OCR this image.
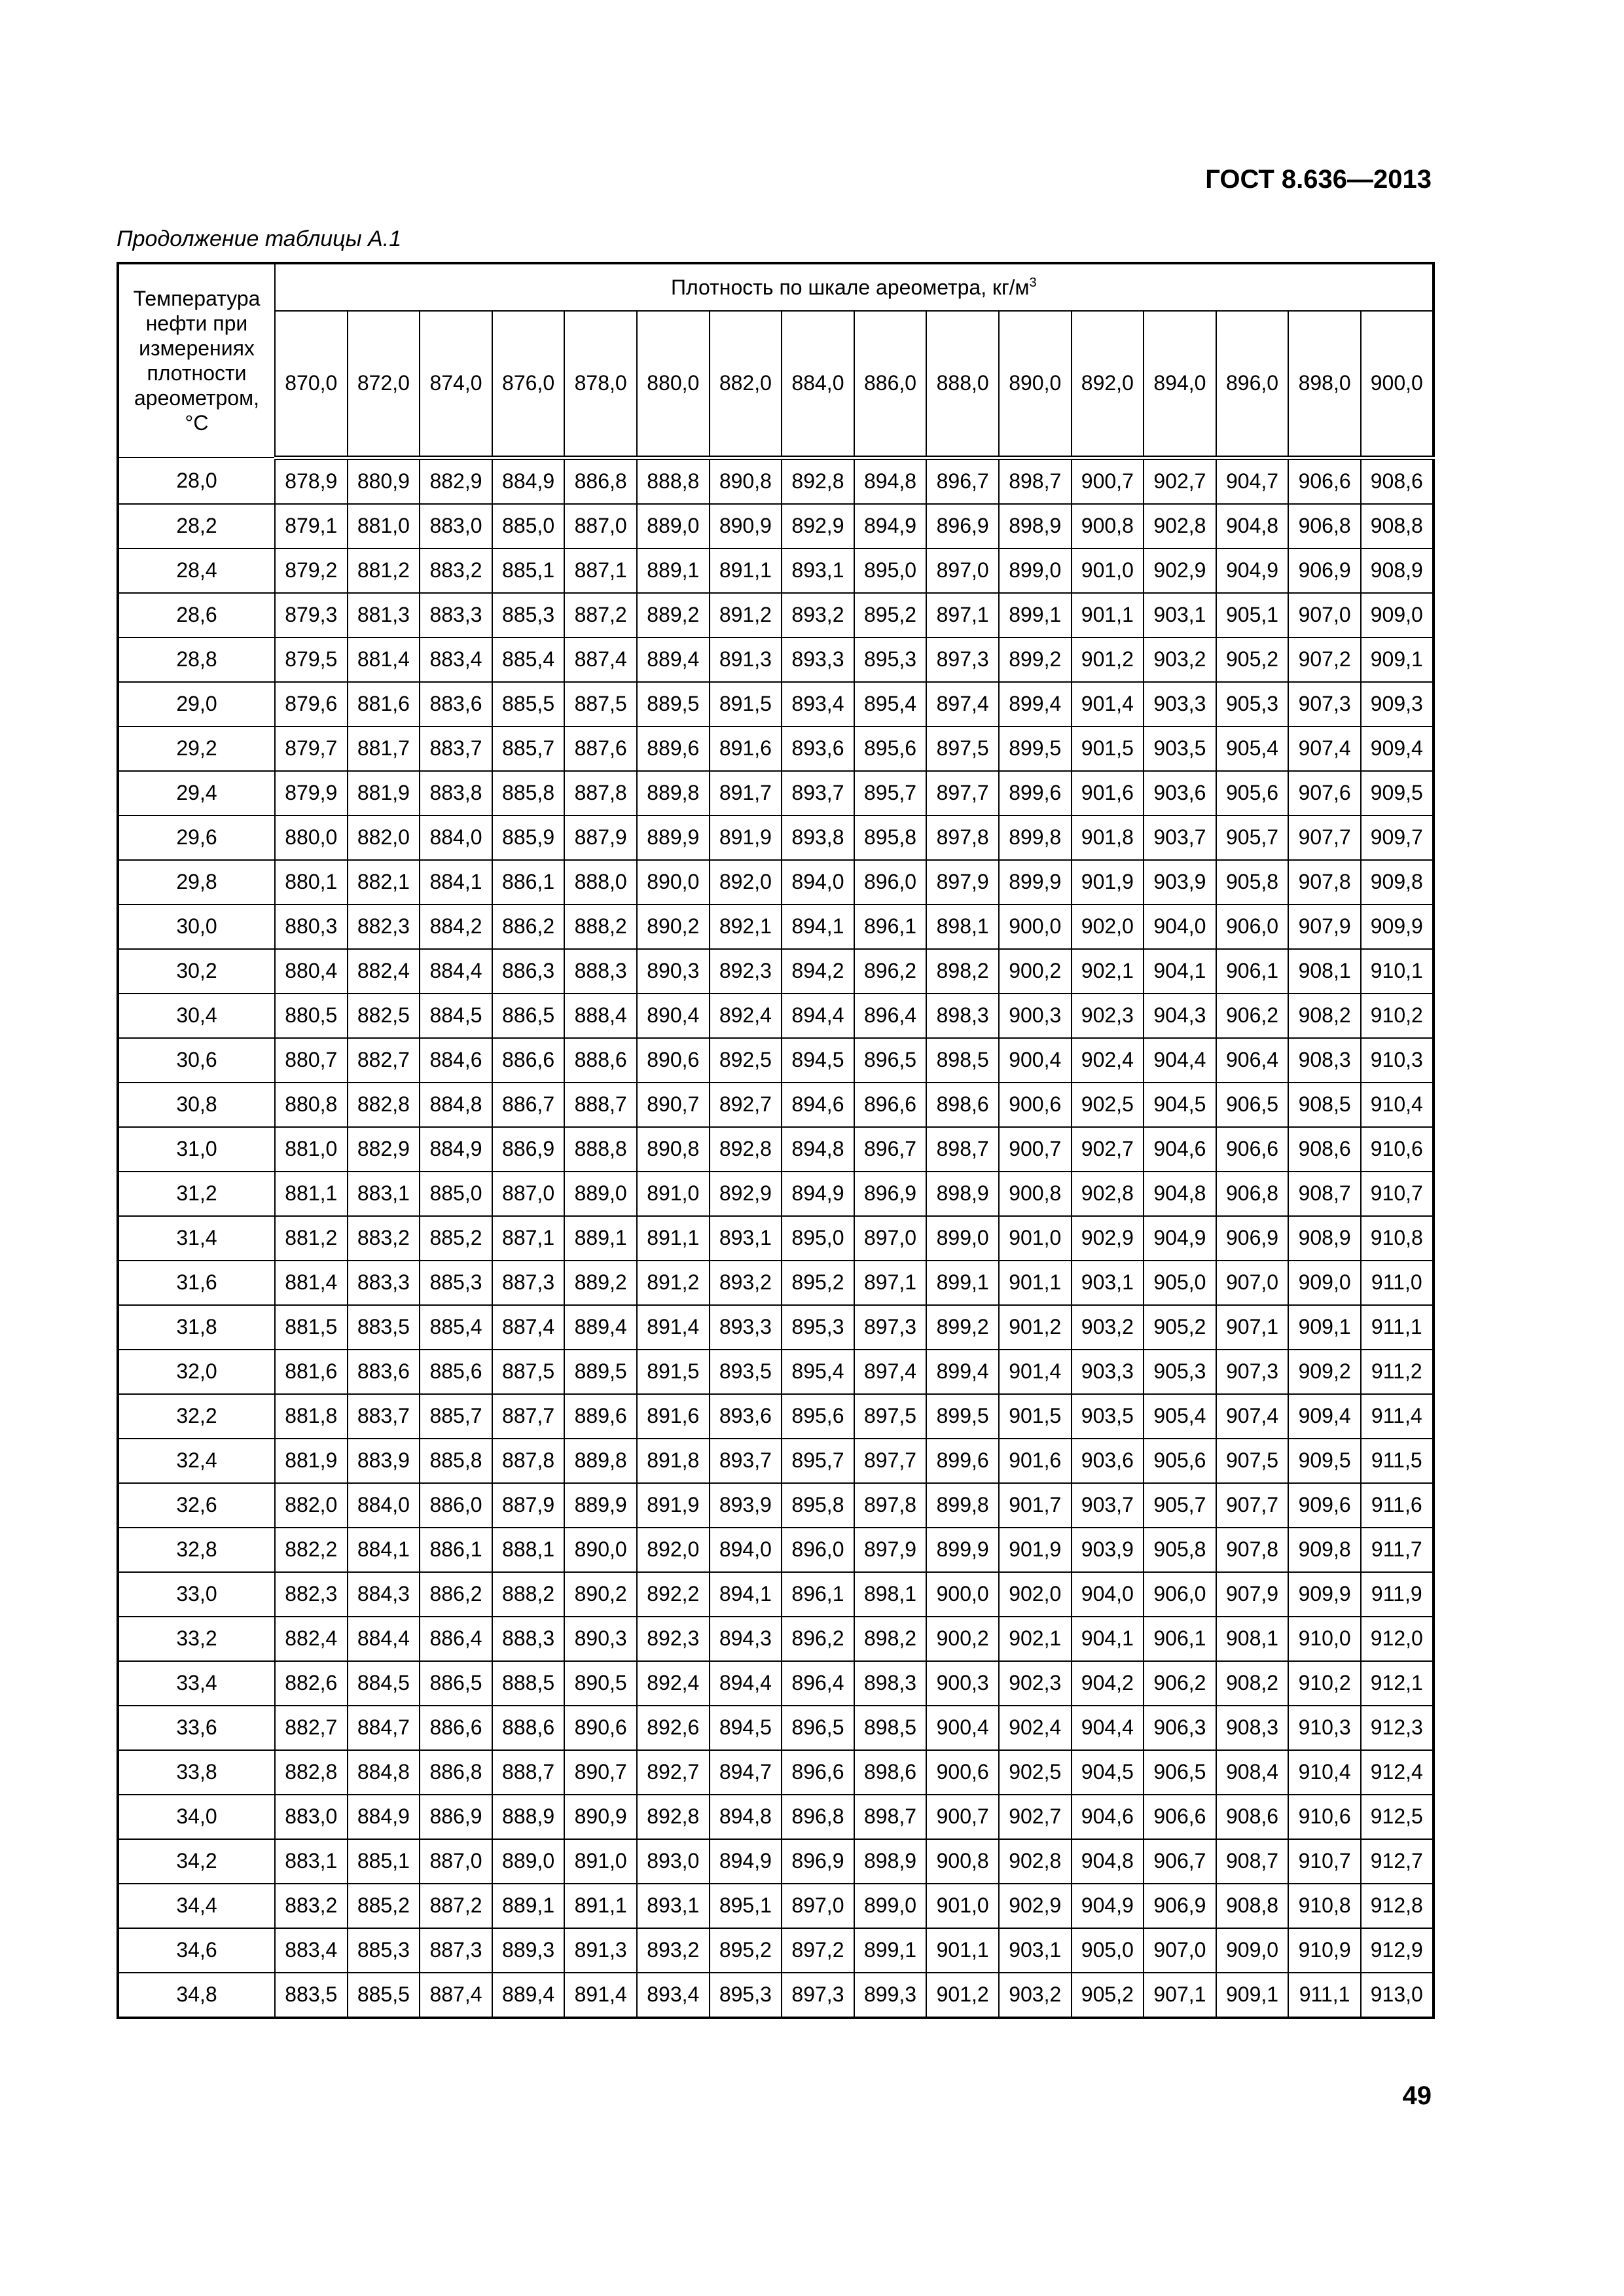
ГОСТ 8.636—2013
Продолжение таблицы А.1
Температура нефти при измерениях плотности ареометром, °С	Плотность по шкале ареометра, $кг/м^3$
	870,0	872,0	874,0	876,0	878,0	880,0	882,0	884,0	886,0	888,0	890,0	892,0	894,0	896,0	898,0	900,0
28,0	878,9	880,9	882,9	884,9	886,8	888,8	890,8	892,8	894,8	896,7	898,7	900,7	902,7	904,7	906,6	908,6
28,2	879,1	881,0	883,0	885,0	887,0	889,0	890,9	892,9	894,9	896,9	898,9	900,8	902,8	904,8	906,8	908,8
28,4	879,2	881,2	883,2	885,1	887,1	889,1	891,1	893,1	895,0	897,0	899,0	901,0	902,9	904,9	906,9	908,9
28,6	879,3	881,3	883,3	885,3	887,2	889,2	891,2	893,2	895,2	897,1	899,1	901,1	903,1	905,1	907,0	909,0
28,8	879,5	881,4	883,4	885,4	887,4	889,4	891,3	893,3	895,3	897,3	899,2	901,2	903,2	905,2	907,2	909,1
29,0	879,6	881,6	883,6	885,5	887,5	889,5	891,5	893,4	895,4	897,4	899,4	901,4	903,3	905,3	907,3	909,3
29,2	879,7	881,7	883,7	885,7	887,6	889,6	891,6	893,6	895,6	897,5	899,5	901,5	903,5	905,4	907,4	909,4
29,4	879,9	881,9	883,8	885,8	887,8	889,8	891,7	893,7	895,7	897,7	899,6	901,6	903,6	905,6	907,6	909,5
29,6	880,0	882,0	884,0	885,9	887,9	889,9	891,9	893,8	895,8	897,8	899,8	901,8	903,7	905,7	907,7	909,7
29,8	880,1	882,1	884,1	886,1	888,0	890,0	892,0	894,0	896,0	897,9	899,9	901,9	903,9	905,8	907,8	909,8
30,0	880,3	882,3	884,2	886,2	888,2	890,2	892,1	894,1	896,1	898,1	900,0	902,0	904,0	906,0	907,9	909,9
30,2	880,4	882,4	884,4	886,3	888,3	890,3	892,3	894,2	896,2	898,2	900,2	902,1	904,1	906,1	908,1	910,1
30,4	880,5	882,5	884,5	886,5	888,4	890,4	892,4	894,4	896,4	898,3	900,3	902,3	904,3	906,2	908,2	910,2
30,6	880,7	882,7	884,6	886,6	888,6	890,6	892,5	894,5	896,5	898,5	900,4	902,4	904,4	906,4	908,3	910,3
30,8	880,8	882,8	884,8	886,7	888,7	890,7	892,7	894,6	896,6	898,6	900,6	902,5	904,5	906,5	908,5	910,4
31,0	881,0	882,9	884,9	886,9	888,8	890,8	892,8	894,8	896,7	898,7	900,7	902,7	904,6	906,6	908,6	910,6
31,2	881,1	883,1	885,0	887,0	889,0	891,0	892,9	894,9	896,9	898,9	900,8	902,8	904,8	906,8	908,7	910,7
31,4	881,2	883,2	885,2	887,1	889,1	891,1	893,1	895,0	897,0	899,0	901,0	902,9	904,9	906,9	908,9	910,8
31,6	881,4	883,3	885,3	887,3	889,2	891,2	893,2	895,2	897,1	899,1	901,1	903,1	905,0	907,0	909,0	911,0
31,8	881,5	883,5	885,4	887,4	889,4	891,4	893,3	895,3	897,3	899,2	901,2	903,2	905,2	907,1	909,1	911,1
32,0	881,6	883,6	885,6	887,5	889,5	891,5	893,5	895,4	897,4	899,4	901,4	903,3	905,3	907,3	909,2	911,2
32,2	881,8	883,7	885,7	887,7	889,6	891,6	893,6	895,6	897,5	899,5	901,5	903,5	905,4	907,4	909,4	911,4
32,4	881,9	883,9	885,8	887,8	889,8	891,8	893,7	895,7	897,7	899,6	901,6	903,6	905,6	907,5	909,5	911,5
32,6	882,0	884,0	886,0	887,9	889,9	891,9	893,9	895,8	897,8	899,8	901,7	903,7	905,7	907,7	909,6	911,6
32,8	882,2	884,1	886,1	888,1	890,0	892,0	894,0	896,0	897,9	899,9	901,9	903,9	905,8	907,8	909,8	911,7
33,0	882,3	884,3	886,2	888,2	890,2	892,2	894,1	896,1	898,1	900,0	902,0	904,0	906,0	907,9	909,9	911,9
33,2	882,4	884,4	886,4	888,3	890,3	892,3	894,3	896,2	898,2	900,2	902,1	904,1	906,1	908,1	910,0	912,0
33,4	882,6	884,5	886,5	888,5	890,5	892,4	894,4	896,4	898,3	900,3	902,3	904,2	906,2	908,2	910,2	912,1
33,6	882,7	884,7	886,6	888,6	890,6	892,6	894,5	896,5	898,5	900,4	902,4	904,4	906,3	908,3	910,3	912,3
33,8	882,8	884,8	886,8	888,7	890,7	892,7	894,7	896,6	898,6	900,6	902,5	904,5	906,5	908,4	910,4	912,4
34,0	883,0	884,9	886,9	888,9	890,9	892,8	894,8	896,8	898,7	900,7	902,7	904,6	906,6	908,6	910,6	912,5
34,2	883,1	885,1	887,0	889,0	891,0	893,0	894,9	896,9	898,9	900,8	902,8	904,8	906,7	908,7	910,7	912,7
34,4	883,2	885,2	887,2	889,1	891,1	893,1	895,1	897,0	899,0	901,0	902,9	904,9	906,9	908,8	910,8	912,8
34,6	883,4	885,3	887,3	889,3	891,3	893,2	895,2	897,2	899,1	901,1	903,1	905,0	907,0	909,0	910,9	912,9
34,8	883,5	885,5	887,4	889,4	891,4	893,4	895,3	897,3	899,3	901,2	903,2	905,2	907,1	909,1	911,1	913,0
49
